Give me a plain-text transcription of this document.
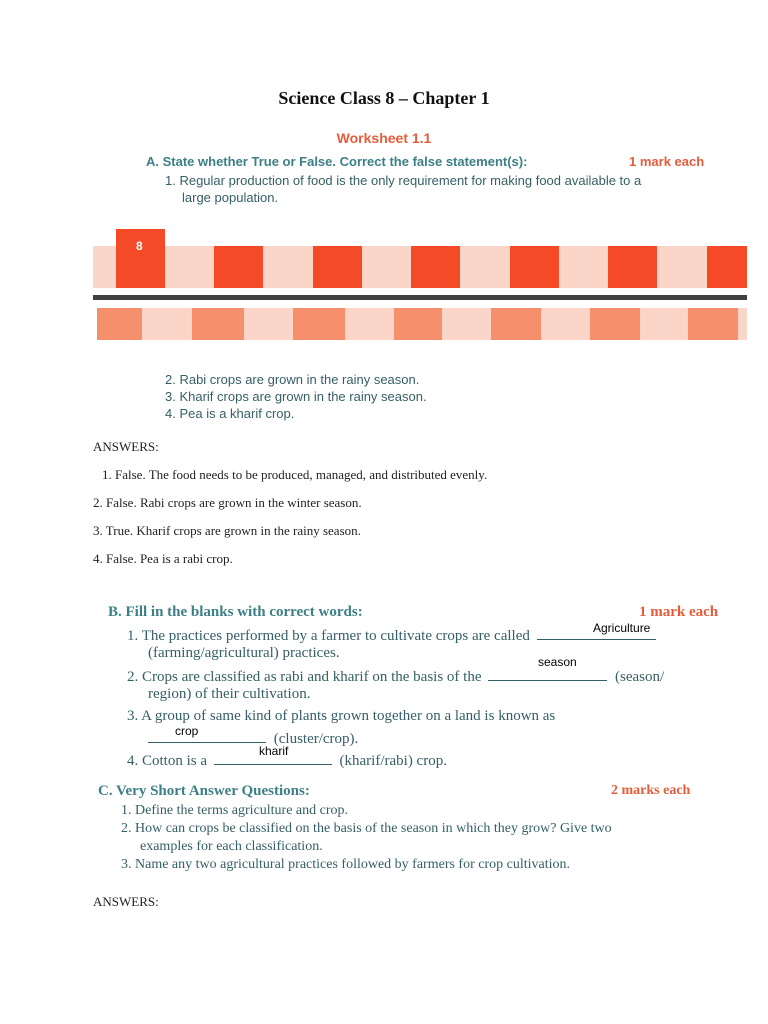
Science Class 8 – Chapter 1
Worksheet 1.1
A. State whether True or False. Correct the false statement(s):	1 mark each
1. Regular production of food is the only requirement for making food available to a
large population.
8
2. Rabi crops are grown in the rainy season.
3. Kharif crops are grown in the rainy season.
4. Pea is a kharif crop.
ANSWERS:
1. False. The food needs to be produced, managed, and distributed evenly.
2. False. Rabi crops are grown in the winter season.
3. True. Kharif crops are grown in the rainy season.
4. False. Pea is a rabi crop.
B. Fill in the blanks with correct words:	1 mark each
1. The practices performed by a farmer to cultivate crops are called	Agriculture
(farming/agricultural) practices.
2. Crops are classified as rabi and kharif on the basis of the	(season/
season
region) of their cultivation.
3. A group of same kind of plants grown together on a land is known as
(cluster/crop).
crop
4. Cotton is a	(kharif/rabi) crop.
kharif
C. Very Short Answer Questions:	2 marks each
1. Define the terms agriculture and crop.
2. How can crops be classified on the basis of the season in which they grow? Give two
examples for each classification.
3. Name any two agricultural practices followed by farmers for crop cultivation.
ANSWERS:
